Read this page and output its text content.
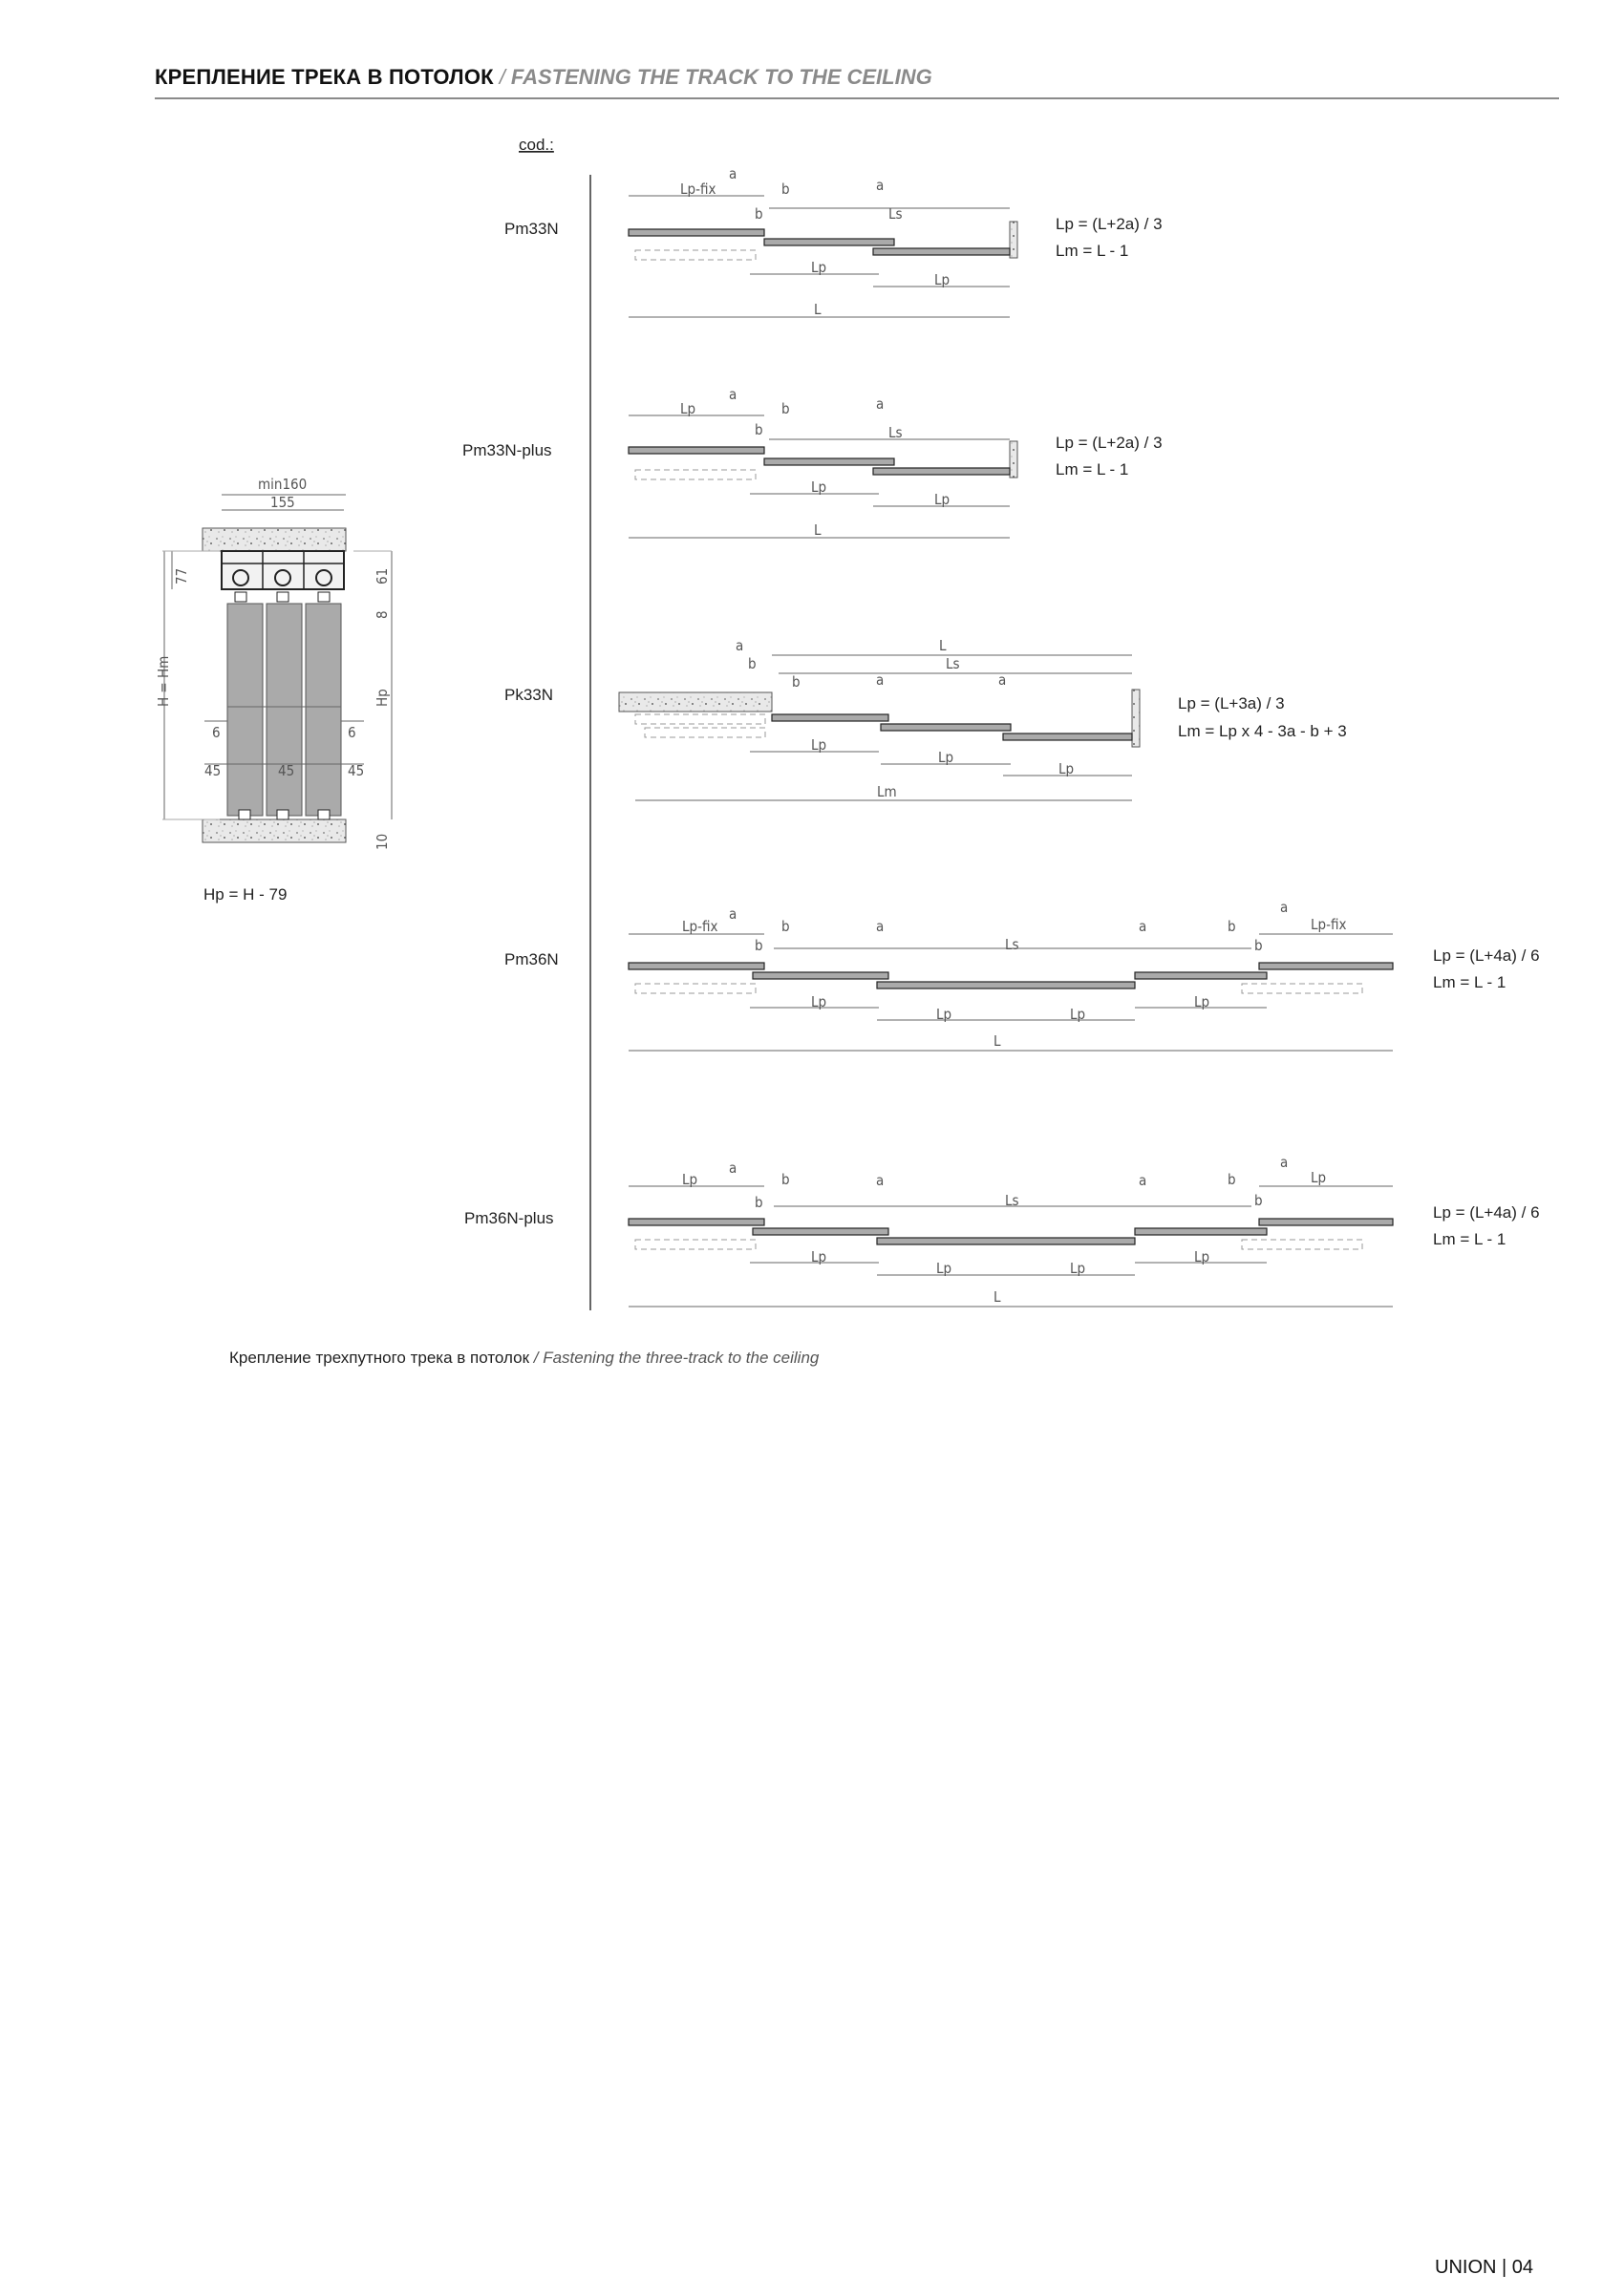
КРЕПЛЕНИЕ ТРЕКА В ПОТОЛОК / FASTENING THE TRACK TO THE CEILING
cod.:
min160
155
77	61
8
H = Hm	Hp
6	6
45	45	45
10
Hp = H - 79
Pm33N
Lp-fix
a
b
b
a
Ls
Lp
Lp
L
Lp = (L+2a) / 3
Lm = L - 1
Pm33N-plus
Lp
a
b
b
a
Ls
Lp
Lp
L
Lp = (L+2a) / 3
Lm = L - 1
Pk33N
a	L
b	Ls
b	a	a
Lp
Lp
Lp
Lm
Lp = (L+3a) / 3
Lm = Lp x 4 - 3a - b + 3
Pm36N
Lp-fix
a
b
b
a
Ls
a	b
a
Lp-fix
b
Lp
Lp	Lp
Lp
L
Lp = (L+4a) / 6
Lm = L - 1
Pm36N-plus
Lp
a
b
b
a
Ls
a	b
a
Lp
b
Lp
Lp	Lp
Lp
L
Lp = (L+4a) / 6
Lm = L - 1
Крепление трехпутного трека в потолок / Fastening the three-track to the ceiling
UNION | 04
